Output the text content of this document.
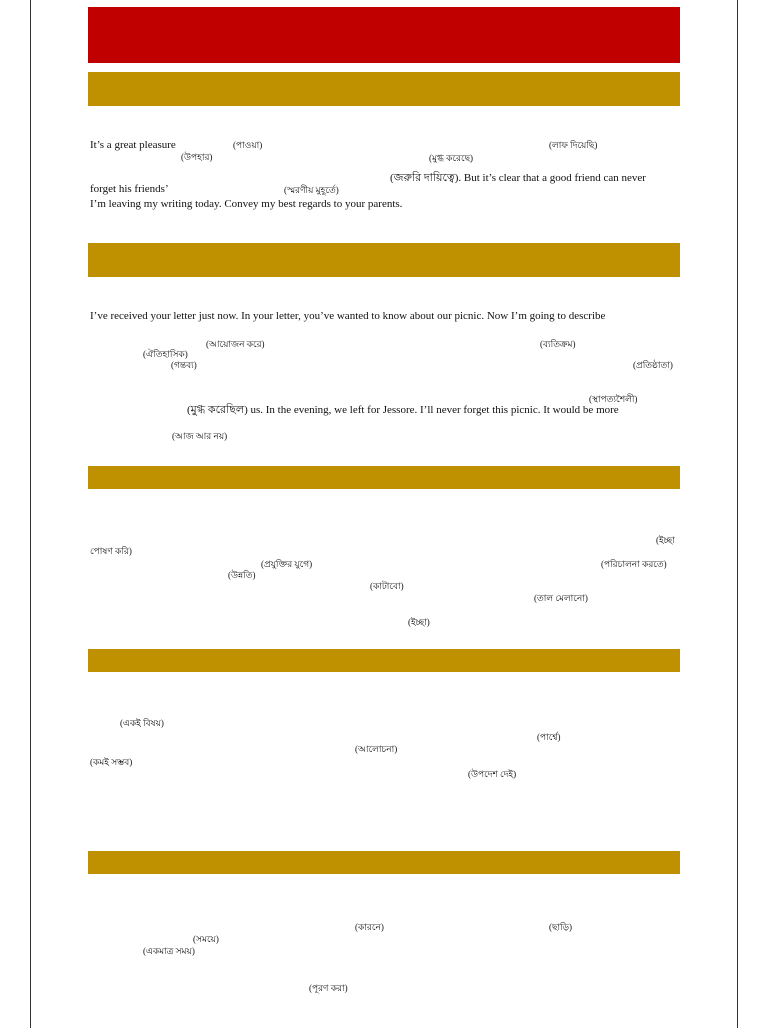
It’s a great pleasure	(পাওয়া)	(লাফ দিয়েছি)
(উপহার)	(মুগ্ধ করেছে)
(জরুরি দায়িত্বে). But it’s clear that a good friend can never
forget his friends’	(স্মরণীয় মুহূর্তে)
I’m leaving my writing today. Convey my best regards to your parents.
I’ve received your letter just now. In your letter, you’ve wanted to know about our picnic. Now I’m going to describe
(আয়োজন করে)	(ব্যতিক্রম)
(ঐতিহাসিক)
(গন্তব্য)	(প্রতিষ্ঠাতা)
(স্থাপত্যশৈলী)
(মুগ্ধ করেছিল) us. In the evening, we left for Jessore. I’ll never forget this picnic. It would be more
(আজ আর নয়)
(ইচ্ছা
পোষণ করি)
(প্রযুক্তির যুগে)	(পরিচালনা করতে)
(উন্নতি)
(কাটাবো)
(তাল মেলানো)
(ইচ্ছা)
(একই বিষয়)
(পার্শ্বে)
(আলোচনা)
(কমই সম্ভব)
(উপদেশ দেই)
(কারনে)	(ছাড়ি)
(সময়ে)
(একমাত্র সময়)
(পূরণ করা)
